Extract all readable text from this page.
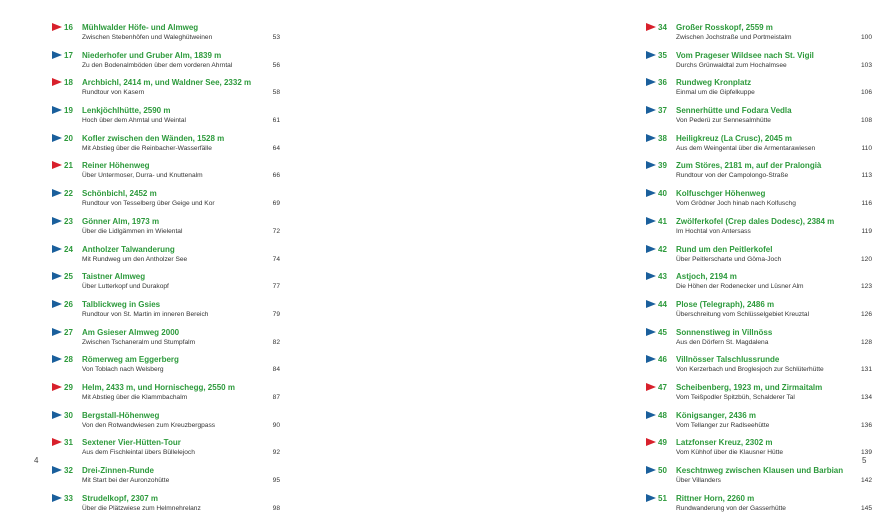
16	Mühlwalder Höfe- und Almweg
Zwischen Stebenhöfen und Waleghütweinen	53
17	Niederhofer und Gruber Alm, 1839 m
Zu den Bodenalmböden über dem vorderen Ahrntal	56
18	Archbichl, 2414 m, und Waldner See, 2332 m
Rundtour von Kasern	58
19	Lenkjöchlhütte, 2590 m
Hoch über dem Ahrntal und Weintal	61
20	Kofler zwischen den Wänden, 1528 m
Mit Abstieg über die Reinbacher-Wasserfälle	64
21	Reiner Höhenweg
Über Untermoser, Durra- und Knuttenalm	66
22	Schönbichl, 2452 m
Rundtour von Tesselberg über Geige und Kor	69
23	Gönner Alm, 1973 m
Über die Lidlgämmen im Wielental	72
24	Antholzer Talwanderung
Mit Rundweg um den Antholzer See	74
25	Taistner Almweg
Über Lutterkopf und Durakopf	77
26	Talblickweg in Gsies
Rundtour von St. Martin im inneren Bereich	79
27	Am Gsieser Almweg 2000
Zwischen Tschaneralm und Stumpfalm	82
28	Römerweg am Eggerberg
Von Toblach nach Welsberg	84
29	Helm, 2433 m, und Hornischegg, 2550 m
Mit Abstieg über die Klammbachalm	87
30	Bergstall-Höhenweg
Von den Rotwandwiesen zum Kreuzbergpass	90
31	Sextener Vier-Hütten-Tour
Aus dem Fischleintal übers Büllelejoch	92
32	Drei-Zinnen-Runde
Mit Start bei der Auronzohütte	95
33	Strudelkopf, 2307 m
Über die Plätzwiese zum Helmnehrelanz	98
4
34	Großer Rosskopf, 2559 m
Zwischen Jochstraße und Portmeistalm	100
35	Vom Prageser Wildsee nach St. Vigil
Durchs Grünwaldtal zum Hochalmsee	103
36	Rundweg Kronplatz
Einmal um die Gipfelkuppe	106
37	Sennerhütte und Fodara Vedla
Von Pederü zur Sennesalmhütte	108
38	Heiligkreuz (La Crusc), 2045 m
Aus dem Weingental über die Armentarawiesen	110
39	Zum Störes, 2181 m, auf der Pralongià
Rundtour von der Campolongo-Straße	113
40	Kolfuschger Höhenweg
Vom Grödner Joch hinab nach Kolfuschg	116
41	Zwölferkofel (Crep dales Dodesc), 2384 m
Im Hochtal von Antersass	119
42	Rund um den Peitlerkofel
Über Peitlerscharte und Göma-Joch	120
43	Astjoch, 2194 m
Die Höhen der Rodenecker und Lüsner Alm	123
44	Plose (Telegraph), 2486 m
Überschreitung vom Schlüsselgebiet Kreuztal	126
45	Sonnenstiweg in Villnöss
Aus den Dörfern St. Magdalena	128
46	Villnösser Talschlussrunde
Von Kerzerbach und Broglesjoch zur Schlüterhütte	131
47	Scheibenberg, 1923 m, und Zirmaitalm
Vom Teißpodler Spitzbüh, Schalderer Tal	134
48	Königsanger, 2436 m
Vom Tellanger zur Radlseehütte	136
49	Latzfonser Kreuz, 2302 m
Vom Kühhof über die Klausner Hütte	139
50	Keschtnweg zwischen Klausen und Barbian
Über Villanders	142
51	Rittner Horn, 2260 m
Rundwanderung von der Gasserhütte	145
5
